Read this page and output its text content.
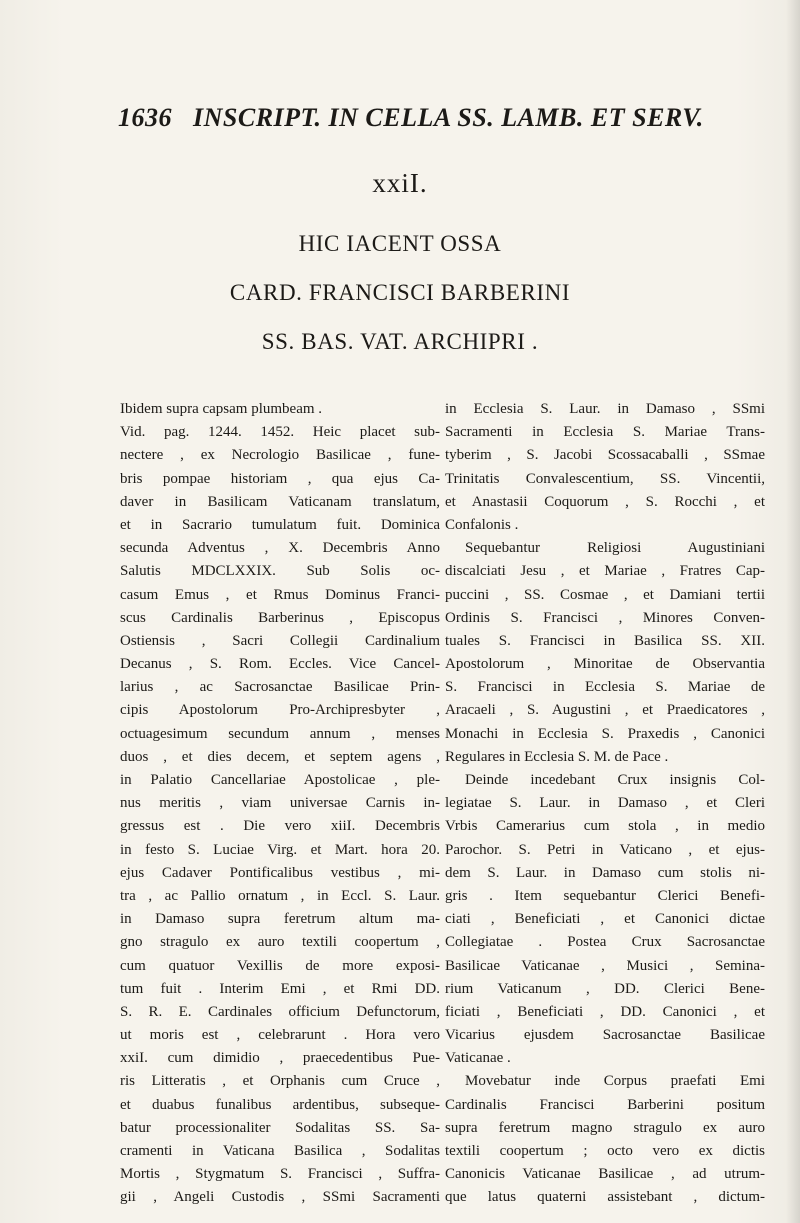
1636 INSCRIPT. IN CELLA SS. LAMB. ET SERV.
xxiI.
HIC IACENT OSSA
CARD. FRANCISCI BARBERINI
SS. BAS. VAT. ARCHIPRI .
Ibidem supra capsam plumbeam .
Vid. pag. 1244. 1452. Heic placet sub-
nectere , ex Necrologio Basilicae , fune-
bris pompae historiam , qua ejus Ca-
daver in Basilicam Vaticanam translatum,
et in Sacrario tumulatum fuit. Dominica
secunda Adventus , X. Decembris Anno
Salutis MDCLXXIX. Sub Solis oc-
casum Emus , et Rmus Dominus Franci-
scus Cardinalis Barberinus , Episcopus
Ostiensis , Sacri Collegii Cardinalium
Decanus , S. Rom. Eccles. Vice Cancel-
larius , ac Sacrosanctae Basilicae Prin-
cipis Apostolorum Pro-Archipresbyter ,
octuagesimum secundum annum , menses
duos , et dies decem, et septem agens ,
in Palatio Cancellariae Apostolicae , ple-
nus meritis , viam universae Carnis in-
gressus est . Die vero xiiI. Decembris
in festo S. Luciae Virg. et Mart. hora 20.
ejus Cadaver Pontificalibus vestibus , mi-
tra , ac Pallio ornatum , in Eccl. S. Laur.
in Damaso supra feretrum altum ma-
gno stragulo ex auro textili coopertum ,
cum quatuor Vexillis de more exposi-
tum fuit . Interim Emi , et Rmi DD.
S. R. E. Cardinales officium Defunctorum,
ut moris est , celebrarunt . Hora vero
xxiI. cum dimidio , praecedentibus Pue-
ris Litteratis , et Orphanis cum Cruce ,
et duabus funalibus ardentibus, subseque-
batur processionaliter Sodalitas SS. Sa-
cramenti in Vaticana Basilica , Sodalitas
Mortis , Stygmatum S. Francisci , Suffra-
gii , Angeli Custodis , SSmi Sacramenti
in Ecclesia S. Laur. in Damaso , SSmi
Sacramenti in Ecclesia S. Mariae Trans-
tyberim , S. Jacobi Scossacaballi , SSmae
Trinitatis Convalescentium, SS. Vincentii,
et Anastasii Coquorum , S. Rocchi , et
Confalonis .
Sequebantur Religiosi Augustiniani
discalciati Jesu , et Mariae , Fratres Cap-
puccini , SS. Cosmae , et Damiani tertii
Ordinis S. Francisci , Minores Conven-
tuales S. Francisci in Basilica SS. XII.
Apostolorum , Minoritae de Observantia
S. Francisci in Ecclesia S. Mariae de
Aracaeli , S. Augustini , et Praedicatores ,
Monachi in Ecclesia S. Praxedis , Canonici
Regulares in Ecclesia S. M. de Pace .
Deinde incedebant Crux insignis Col-
legiatae S. Laur. in Damaso , et Cleri
Vrbis Camerarius cum stola , in medio
Parochor. S. Petri in Vaticano , et ejus-
dem S. Laur. in Damaso cum stolis ni-
gris . Item sequebantur Clerici Benefi-
ciati , Beneficiati , et Canonici dictae
Collegiatae . Postea Crux Sacrosanctae
Basilicae Vaticanae , Musici , Semina-
rium Vaticanum , DD. Clerici Bene-
ficiati , Beneficiati , DD. Canonici , et
Vicarius ejusdem Sacrosanctae Basilicae
Vaticanae .
Movebatur inde Corpus praefati Emi
Cardinalis Francisci Barberini positum
supra feretrum magno stragulo ex auro
textili coopertum ; octo vero ex dictis
Canonicis Vaticanae Basilicae , ad utrum-
que latus quaterni assistebant , dictum-
